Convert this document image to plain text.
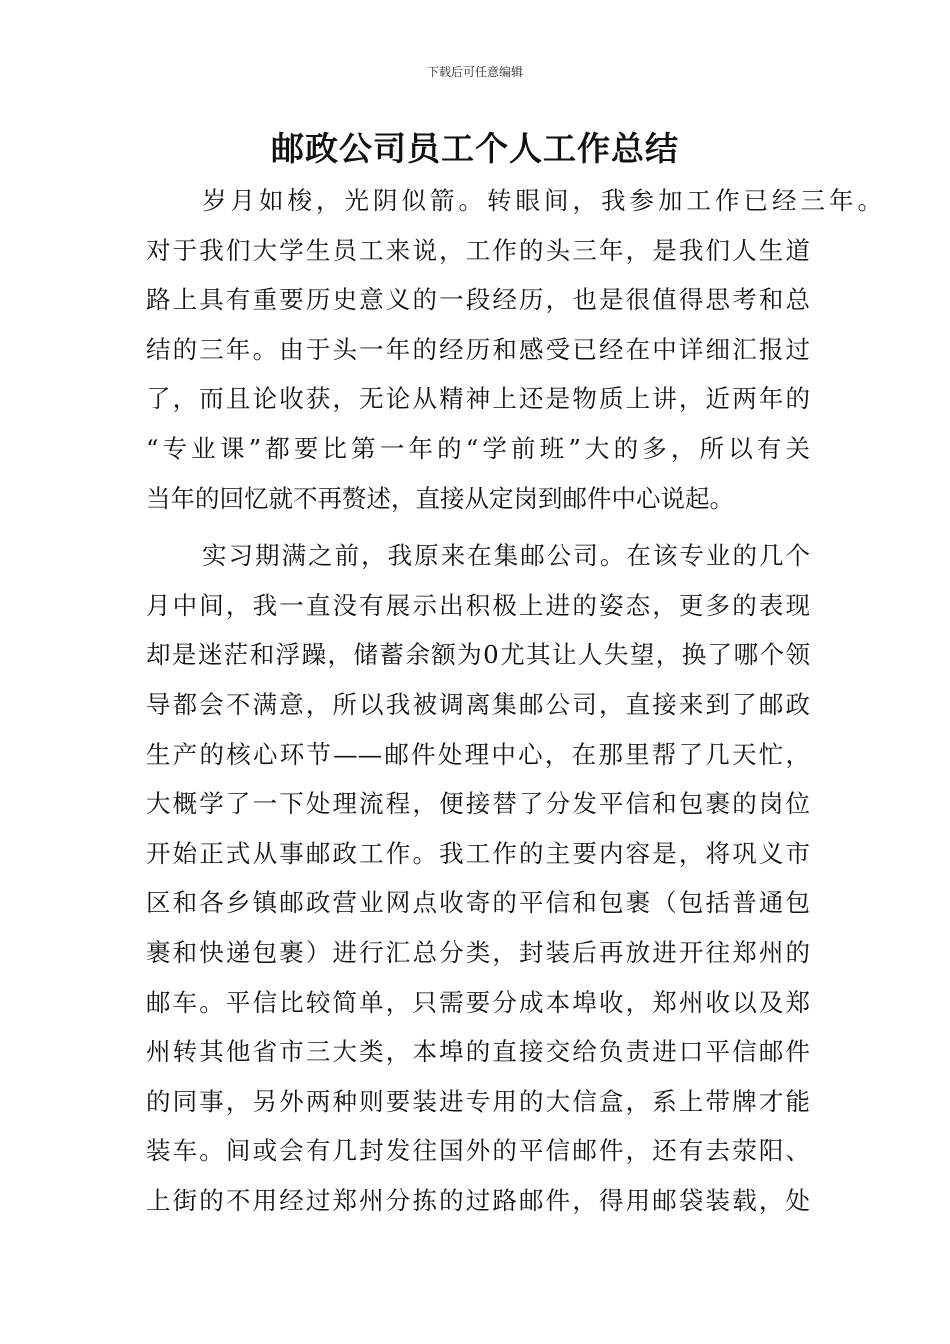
下载后可任意编辑
邮政公司员工个人工作总结
岁月如梭，光阴似箭。转眼间，我参加工作已经三年。
对于我们大学生员工来说，工作的头三年，是我们人生道
路上具有重要历史意义的一段经历，也是很值得思考和总
结的三年。由于头一年的经历和感受已经在中详细汇报过
了，而且论收获，无论从精神上还是物质上讲，近两年的
“专业课”都要比第一年的“学前班”大的多，所以有关
当年的回忆就不再赘述，直接从定岗到邮件中心说起。
实习期满之前，我原来在集邮公司。在该专业的几个
月中间，我一直没有展示出积极上进的姿态，更多的表现
却是迷茫和浮躁，储蓄余额为0尤其让人失望，换了哪个领
导都会不满意，所以我被调离集邮公司，直接来到了邮政
生产的核心环节——邮件处理中心，在那里帮了几天忙，
大概学了一下处理流程，便接替了分发平信和包裹的岗位
开始正式从事邮政工作。我工作的主要内容是，将巩义市
区和各乡镇邮政营业网点收寄的平信和包裹（包括普通包
裹和快递包裹）进行汇总分类，封装后再放进开往郑州的
邮车。平信比较简单，只需要分成本埠收，郑州收以及郑
州转其他省市三大类，本埠的直接交给负责进口平信邮件
的同事，另外两种则要装进专用的大信盒，系上带牌才能
装车。间或会有几封发往国外的平信邮件，还有去荥阳、
上街的不用经过郑州分拣的过路邮件，得用邮袋装载，处
